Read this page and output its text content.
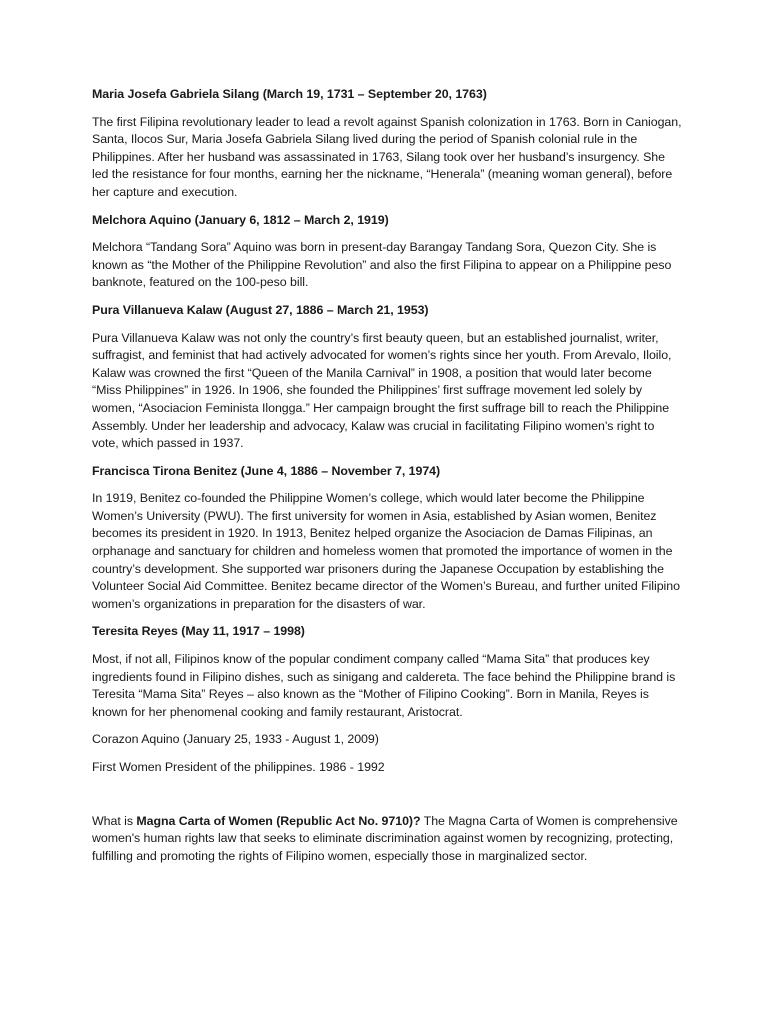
Maria Josefa Gabriela Silang (March 19, 1731 – September 20, 1763)
The first Filipina revolutionary leader to lead a revolt against Spanish colonization in 1763. Born in Caniogan, Santa, Ilocos Sur, Maria Josefa Gabriela Silang lived during the period of Spanish colonial rule in the Philippines. After her husband was assassinated in 1763, Silang took over her husband’s insurgency. She led the resistance for four months, earning her the nickname, “Henerala” (meaning woman general), before her capture and execution.
Melchora Aquino (January 6, 1812 – March 2, 1919)
Melchora “Tandang Sora” Aquino was born in present-day Barangay Tandang Sora, Quezon City. She is known as “the Mother of the Philippine Revolution” and also the first Filipina to appear on a Philippine peso banknote, featured on the 100-peso bill.
Pura Villanueva Kalaw (August 27, 1886 – March 21, 1953)
Pura Villanueva Kalaw was not only the country’s first beauty queen, but an established journalist, writer, suffragist, and feminist that had actively advocated for women’s rights since her youth. From Arevalo, Iloilo, Kalaw was crowned the first “Queen of the Manila Carnival” in 1908, a position that would later become “Miss Philippines” in 1926. In 1906, she founded the Philippines’ first suffrage movement led solely by women, “Asociacion Feminista Ilongga.” Her campaign brought the first suffrage bill to reach the Philippine Assembly. Under her leadership and advocacy, Kalaw was crucial in facilitating Filipino women’s right to vote, which passed in 1937.
Francisca Tirona Benitez (June 4, 1886 – November 7, 1974)
In 1919, Benitez co-founded the Philippine Women’s college, which would later become the Philippine Women’s University (PWU). The first university for women in Asia, established by Asian women, Benitez becomes its president in 1920. In 1913, Benitez helped organize the Asociacion de Damas Filipinas, an orphanage and sanctuary for children and homeless women that promoted the importance of women in the country’s development. She supported war prisoners during the Japanese Occupation by establishing the Volunteer Social Aid Committee. Benitez became director of the Women’s Bureau, and further united Filipino women’s organizations in preparation for the disasters of war.
Teresita Reyes (May 11, 1917 – 1998)
Most, if not all, Filipinos know of the popular condiment company called “Mama Sita” that produces key ingredients found in Filipino dishes, such as sinigang and caldereta. The face behind the Philippine brand is Teresita “Mama Sita” Reyes – also known as the “Mother of Filipino Cooking”. Born in Manila, Reyes is known for her phenomenal cooking and family restaurant, Aristocrat.
Corazon Aquino (January 25, 1933 - August 1, 2009)
First Women President of the philippines. 1986 - 1992
What is Magna Carta of Women (Republic Act No. 9710)? The Magna Carta of Women is comprehensive women's human rights law that seeks to eliminate discrimination against women by recognizing, protecting, fulfilling and promoting the rights of Filipino women, especially those in marginalized sector.
